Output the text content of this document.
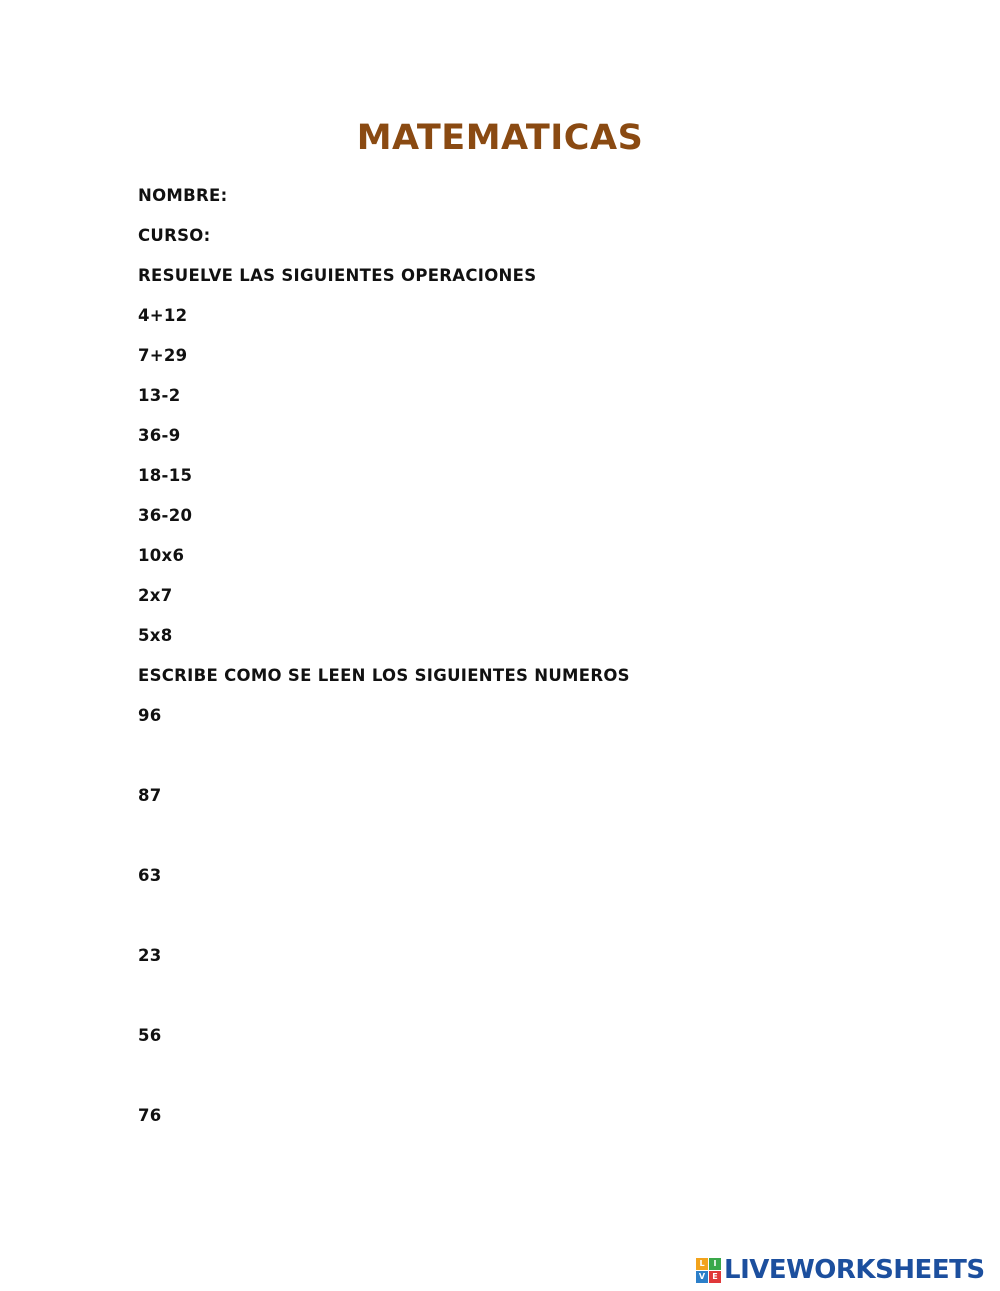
MATEMATICAS
NOMBRE:
CURSO:
RESUELVE LAS SIGUIENTES OPERACIONES
4+12
7+29
13-2
36-9
18-15
36-20
10x6
2x7
5x8
ESCRIBE COMO SE LEEN LOS SIGUIENTES NUMEROS
96
87
63
23
56
76
L	I
V E LIVEWORKSHEETS
